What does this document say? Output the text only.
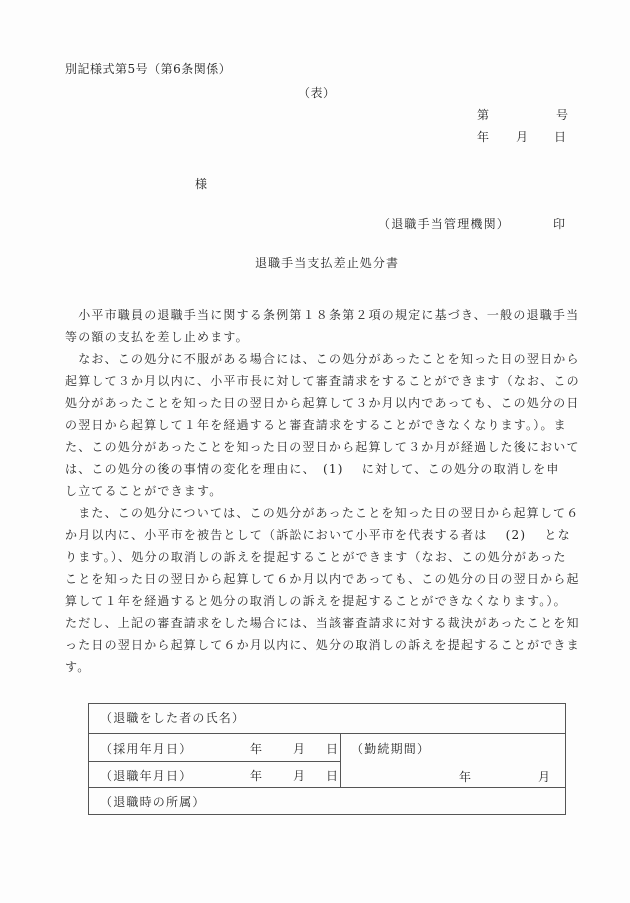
別記様式第5号（第6条関係）
（表）
第	号
年 月 日
様
（退職手当管理機関）	印
退職手当支払差止処分書
　小平市職員の退職手当に関する条例第１８条第２項の規定に基づき、一般の退職手当
等の額の支払を差し止めます。
　なお、この処分に不服がある場合には、この処分があったことを知った日の翌日から
起算して３か月以内に、小平市長に対して審査請求をすることができます（なお、この
処分があったことを知った日の翌日から起算して３か月以内であっても、この処分の日
の翌日から起算して１年を経過すると審査請求をすることができなくなります。）。ま
た、この処分があったことを知った日の翌日から起算して３か月が経過した後において
は、この処分の後の事情の変化を理由に、　(1)　 に対して、この処分の取消しを申
し立てることができます。
　また、この処分については、この処分があったことを知った日の翌日から起算して６
か月以内に、小平市を被告として（訴訟において小平市を代表する者は　 (2) 　とな
ります。）、処分の取消しの訴えを提起することができます（なお、この処分があった
ことを知った日の翌日から起算して６か月以内であっても、この処分の日の翌日から起
算して１年を経過すると処分の取消しの訴えを提起することができなくなります。）。
ただし、上記の審査請求をした場合には、当該審査請求に対する裁決があったことを知
った日の翌日から起算して６か月以内に、処分の取消しの訴えを提起することができま
す。
（退職をした者の氏名）
（採用年月日）	年 月 日 （勤続期間）
年	月
（退職年月日）	年 月 日
（退職時の所属）
